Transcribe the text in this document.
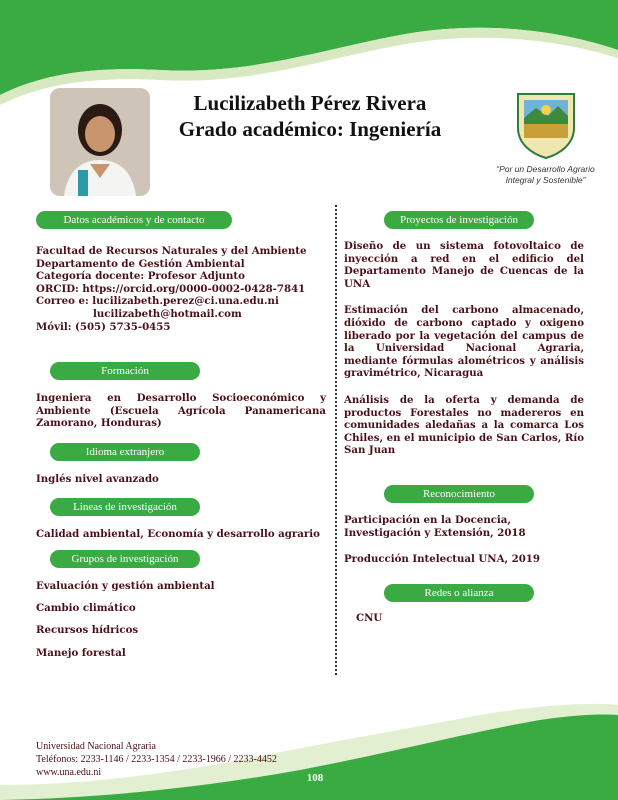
Lucilizabeth Pérez Rivera
Grado académico: Ingeniería
“Por un Desarrollo Agrario
Integral y Sostenible”
Datos académicos y de contacto
Facultad de Recursos Naturales y del Ambiente
Departamento de Gestión Ambiental
Categoría docente: Profesor Adjunto
ORCID: https://orcid.org/0000-0002-0428-7841
Correo e: lucilizabeth.perez@ci.una.edu.ni
lucilizabeth@hotmail.com
Móvil: (505) 5735-0455
Formación
Ingeniera en Desarrollo Socioeconómico y Ambiente (Escuela Agrícola Panamericana Zamorano, Honduras)
Idioma extranjero
Inglés nivel avanzado
Lineas de investigación
Calidad ambiental, Economía y desarrollo agrario
Grupos de investigación
Evaluación y gestión ambiental
Cambio climático
Recursos hídricos
Manejo forestal
Proyectos de investigación
Diseño de un sistema fotovoltaico de inyección a red en el edificio del Departamento Manejo de Cuencas de la UNA
Estimación del carbono almacenado, dióxido de carbono captado y oxigeno liberado por la vegetación del campus de la Universidad Nacional Agraria, mediante fórmulas alométricos y análisis gravimétrico, Nicaragua
Análisis de la oferta y demanda de productos Forestales no madereros en comunidades aledañas a la comarca Los Chiles, en el municipio de San Carlos, Río San Juan
Reconocimiento
Participación en la Docencia, Investigación y Extensión, 2018
Producción Intelectual UNA, 2019
Redes o alianza
CNU
Universidad Nacional Agraria
Teléfonos: 2233-1146 / 2233-1354 / 2233-1966 / 2233-4452
www.una.edu.ni	108
